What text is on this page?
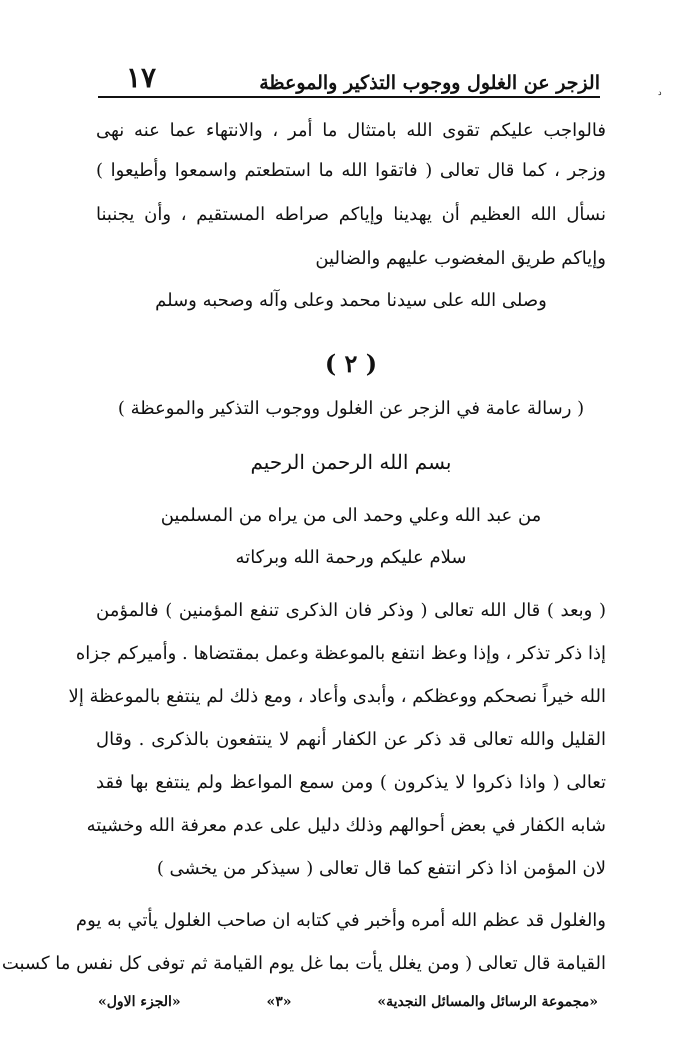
الزجر عن الغلول ووجوب التذكير والموعظة
١٧	د
فالواجب عليكم تقوى الله بامتثال ما أمر ، والانتهاء عما عنه نهى
وزجر ، كما قال تعالى ( فاتقوا الله ما استطعتم واسمعوا وأطيعوا )
نسأل الله العظيم أن يهدينا وإياكم صراطه المستقيم ، وأن يجنبنا
وإياكم طريق المغضوب عليهم والضالين
وصلى الله على سيدنا محمد وعلى وآله وصحبه وسلم
( ٢ )
( رسالة عامة في الزجر عن الغلول ووجوب التذكير والموعظة )
بسم الله الرحمن الرحيم
من عبد الله وعلي وحمد الى من يراه من المسلمين
سلام عليكم ورحمة الله وبركاته
( وبعد ) قال الله تعالى ( وذكر فان الذكرى تنفع المؤمنين ) فالمؤمن
إذا ذكر تذكر ، وإذا وعظ انتفع بالموعظة وعمل بمقتضاها . وأميركم جزاه
الله خيراً نصحكم ووعظكم ، وأبدى وأعاد ، ومع ذلك لم ينتفع بالموعظة إلا
القليل والله تعالى قد ذكر عن الكفار أنهم لا ينتفعون بالذكرى . وقال
تعالى ( واذا ذكروا لا يذكرون ) ومن سمع المواعظ ولم ينتفع بها فقد
شابه الكفار في بعض أحوالهم وذلك دليل على عدم معرفة الله وخشيته
لان المؤمن اذا ذكر انتفع كما قال تعالى ( سيذكر من يخشى )
والغلول قد عظم الله أمره وأخبر في كتابه ان صاحب الغلول يأتي به يوم
القيامة قال تعالى ( ومن يغلل يأت بما غل يوم القيامة ثم توفى كل نفس ما كسبت
«مجموعة الرسائل والمسائل النجدية»
«٣»
«الجزء الاول»
